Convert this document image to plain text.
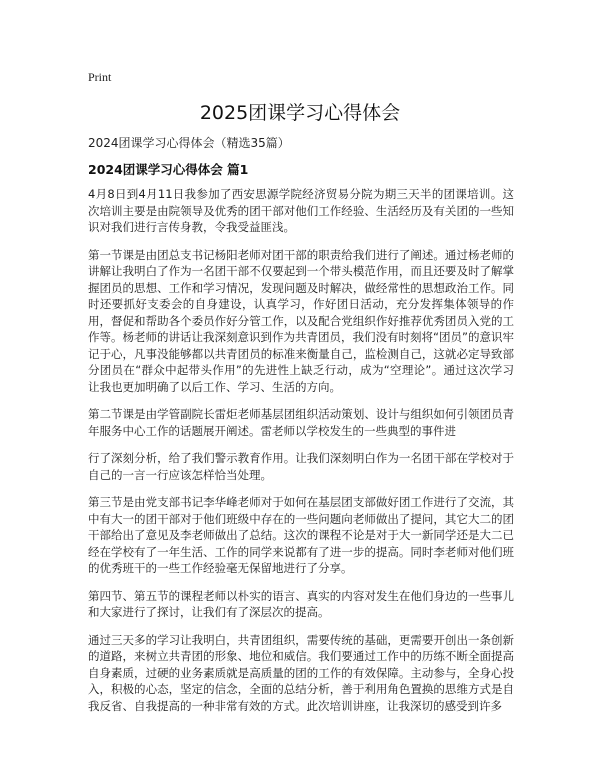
Print
2025团课学习心得体会
2024团课学习心得体会（精选35篇）
2024团课学习心得体会 篇1

4月8日到4月11日我参加了西安思源学院经济贸易分院为期三天半的团课培训。这次培训主要是由院领导及优秀的团干部对他们工作经验、生活经历及有关团的一些知识对我们进行言传身教，令我受益匪浅。

第一节课是由团总支书记杨阳老师对团干部的职责给我们进行了阐述。通过杨老师的讲解让我明白了作为一名团干部不仅要起到一个带头模范作用，而且还要及时了解掌握团员的思想、工作和学习情况，发现问题及时解决，做经常性的思想政治工作。同时还要抓好支委会的自身建设，认真学习，作好团日活动，充分发挥集体领导的作用，督促和帮助各个委员作好分管工作，以及配合党组织作好推荐优秀团员入党的工作等。杨老师的讲话让我深刻意识到作为共青团员，我们没有时刻将“团员”的意识牢记于心，凡事没能够都以共青团员的标准来衡量自己，监检测自己，这就必定导致部分团员在“群众中起带头作用”的先进性上缺乏行动，成为“空理论”。通过这次学习让我也更加明确了以后工作、学习、生活的方向。

第二节课是由学管副院长雷炬老师基层团组织活动策划、设计与组织如何引领团员青年服务中心工作的话题展开阐述。雷老师以学校发生的一些典型的事件进

行了深刻分析，给了我们警示教育作用。让我们深刻明白作为一名团干部在学校对于自己的一言一行应该怎样恰当处理。

第三节是由党支部书记李华峰老师对于如何在基层团支部做好团工作进行了交流，其中有大一的团干部对于他们班级中存在的一些问题向老师做出了提问，其它大二的团干部给出了意见及李老师做出了总结。这次的课程不论是对于大一新同学还是大二已经在学校有了一年生活、工作的同学来说都有了进一步的提高。同时李老师对他们班的优秀班干的一些工作经验毫无保留地进行了分享。

第四节、第五节的课程老师以朴实的语言、真实的内容对发生在他们身边的一些事儿和大家进行了探讨，让我们有了深层次的提高。

通过三天多的学习让我明白，共青团组织，需要传统的基础，更需要开创出一条创新的道路，来树立共青团的形象、地位和威信。我们要通过工作中的历练不断全面提高自身素质，过硬的业务素质就是高质量的团的工作的有效保障。主动参与，全身心投入，积极的心态，坚定的信念，全面的总结分析，善于利用角色置换的思维方式是自我反省、自我提高的一种非常有效的方式。此次培训讲座，让我深切的感受到许多
